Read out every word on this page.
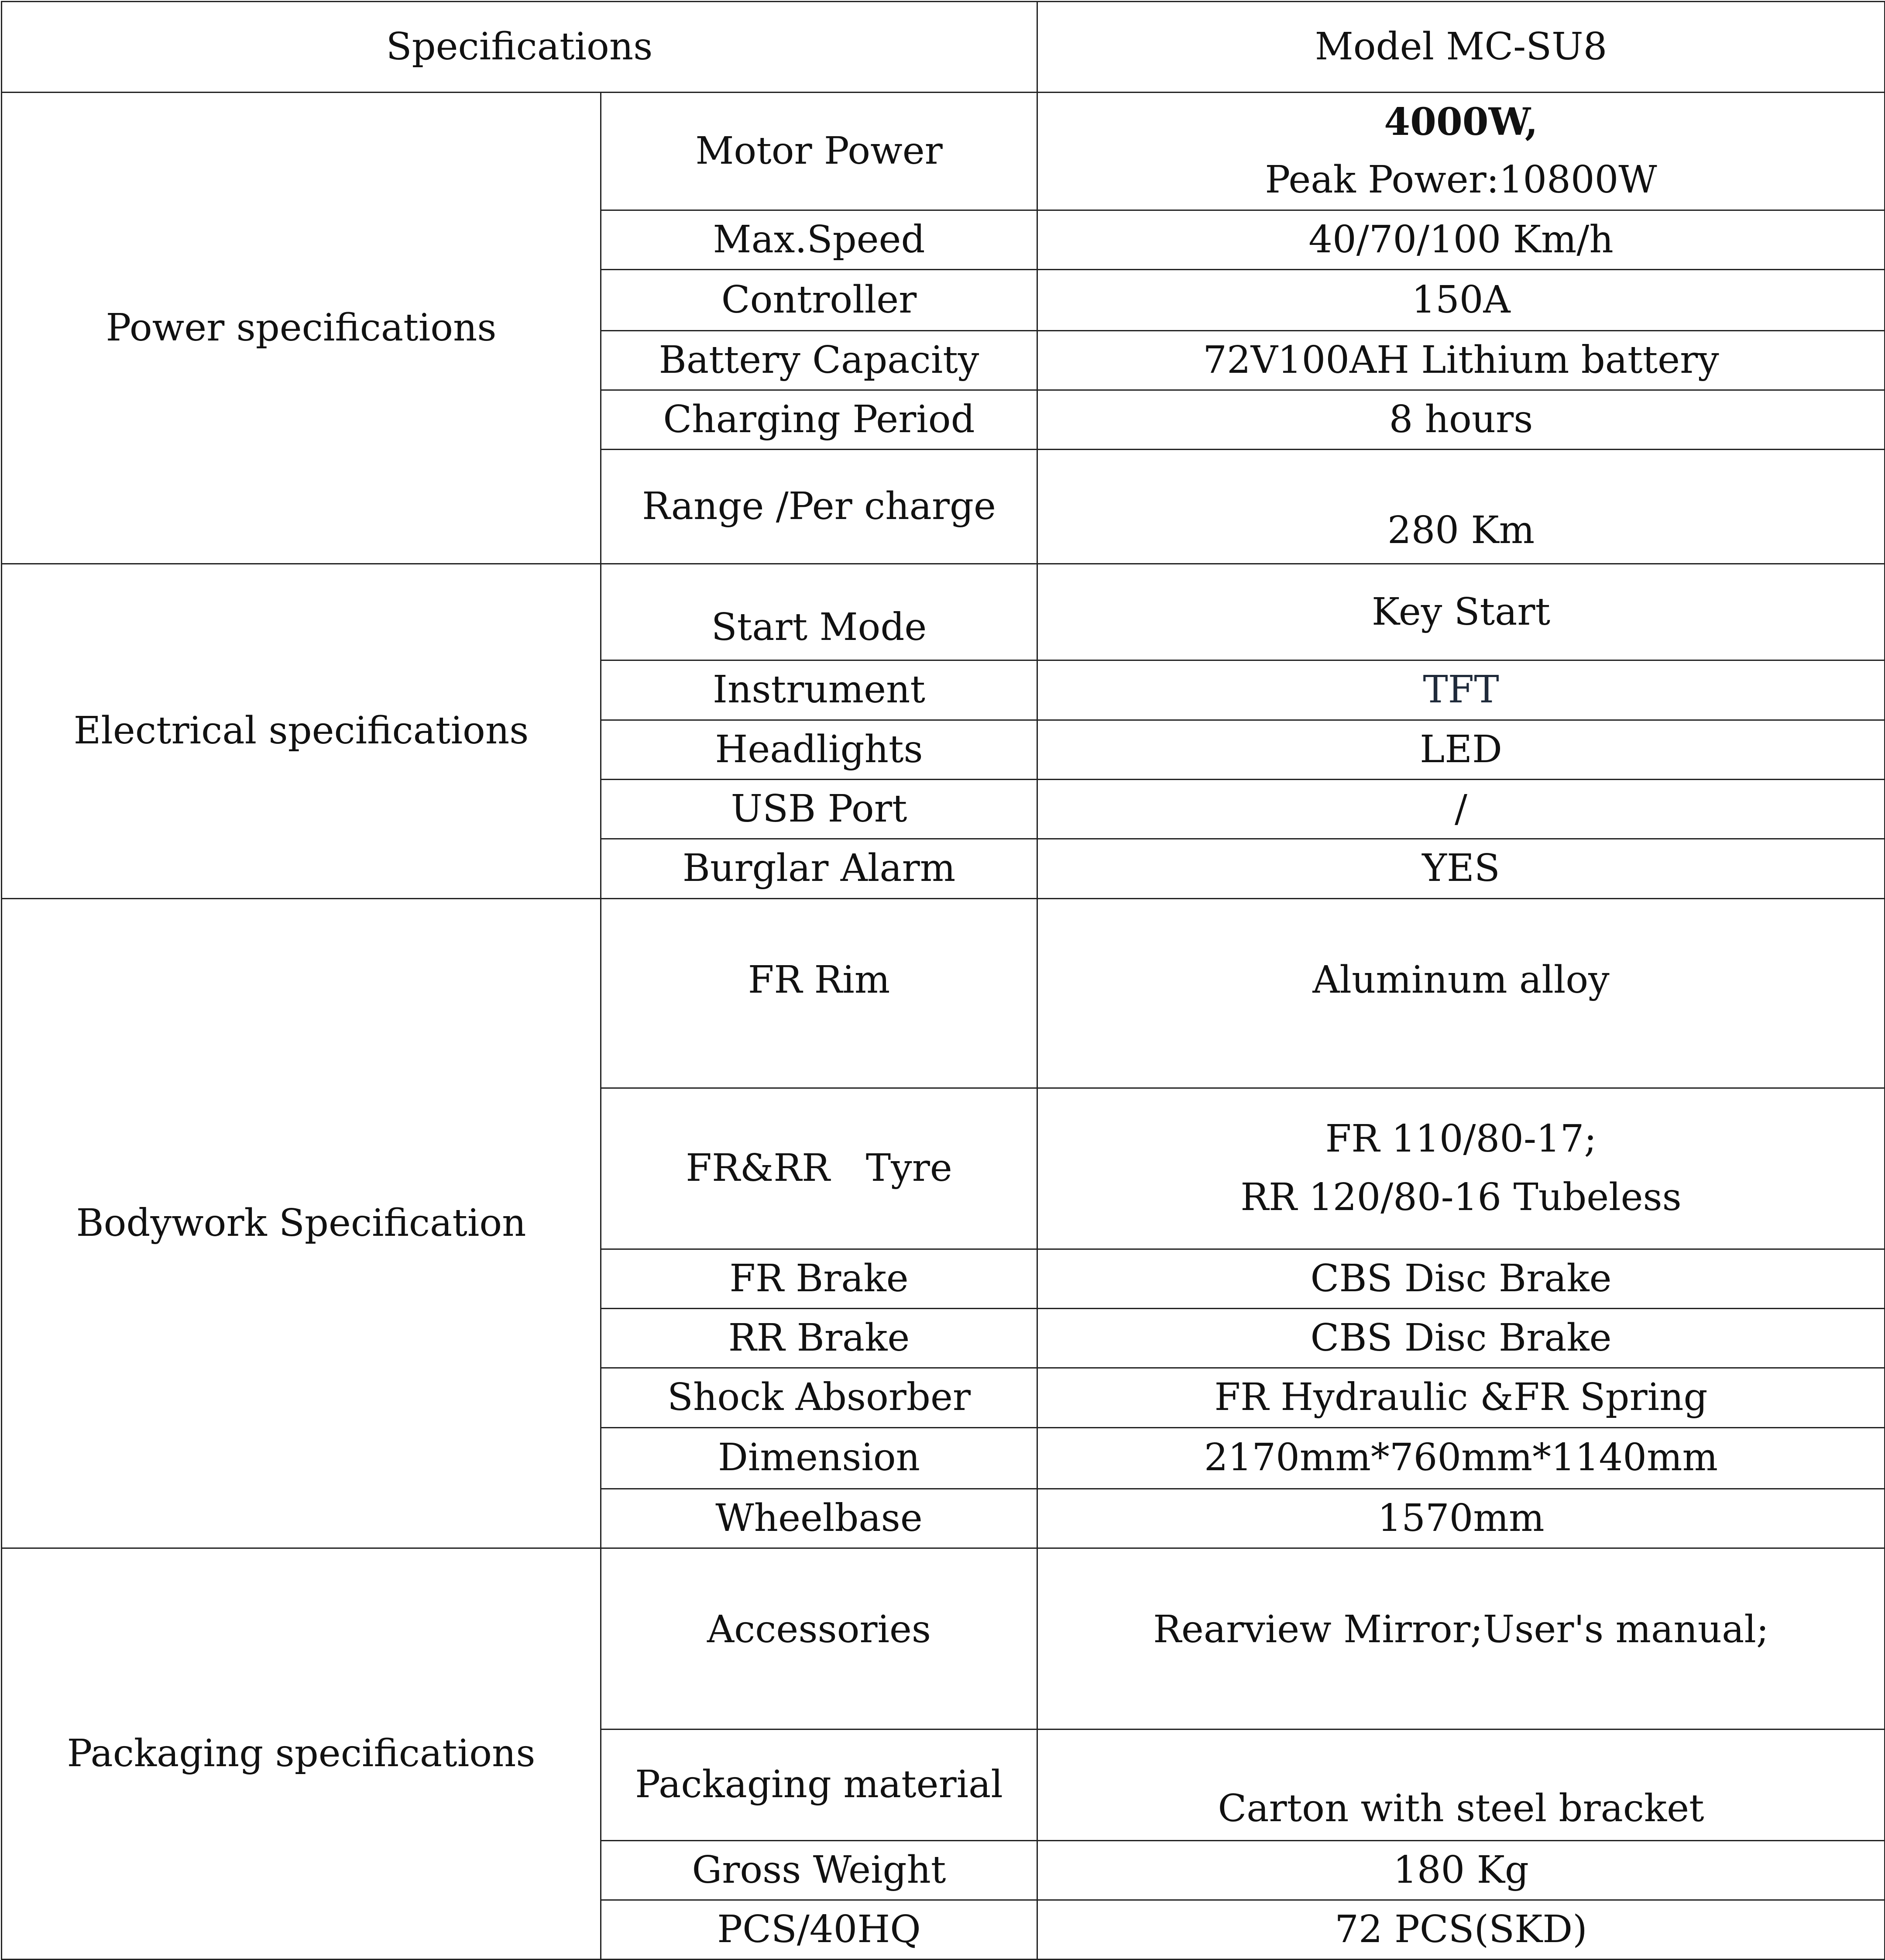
Specifications		Model MC-SU8
Power specifications	Motor Power	4000W,
Peak Power:10800W

	Max.Speed	40/70/100 Km/h
	Controller	150A
	Battery Capacity	72V100AH Lithium battery
	Charging Period	8 hours
	Range /Per charge	280 Km
Electrical specifications	Start Mode	Key Start
	Instrument	TFT
	Headlights	LED
	USB Port	/
	Burglar Alarm	YES
Bodywork Specification	FR Rim	Aluminum alloy
	FR&RR   Tyre	FR 110/80-17;
RR 120/80-16 Tubeless

	FR Brake	CBS Disc Brake
	RR Brake	CBS Disc Brake
	Shock Absorber	FR Hydraulic &FR Spring
	Dimension	2170mm*760mm*1140mm
	Wheelbase	1570mm
Packaging specifications	Accessories	Rearview Mirror;User's manual;
	Packaging material	Carton with steel bracket
	Gross Weight	180 Kg
	PCS/40HQ	72 PCS(SKD)
